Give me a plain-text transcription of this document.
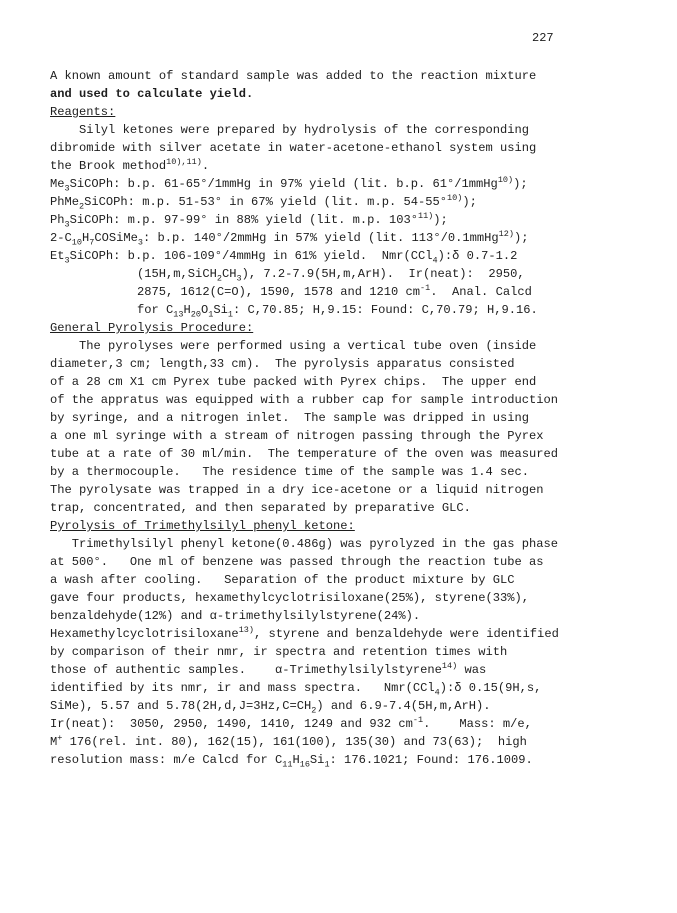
227
A known amount of standard sample was added to the reaction mixture
and used to calculate yield.
Reagents:
Silyl ketones were prepared by hydrolysis of the corresponding
dibromide with silver acetate in water-acetone-ethanol system using
the Brook method$^{10),11)}$.
$Me_3SiCOPh$: b.p. 61-65°/1mmHg in 97% yield (lit. b.p. 61°/1mmHg$^{10)}$);
PhMe$_2$SiCOPh: m.p. 51-53° in 67% yield (lit. m.p. 54-55°$^{10)}$);
$Ph_3SiCOPh$: m.p. 97-99° in 88% yield (lit. m.p. 103°$^{11)}$);
$2-C_{10}H_7COSiMe_3$: b.p. 140°/2mmHg in 57% yield (lit. 113°/0.1mmHg$^{12)}$);
$Et_3SiCOPh$: b.p. 106-109°/4mmHg in 61% yield.  Nmr(CCl$_4$):δ 0.7-1.2
$(15H,m,SiCH_2CH_3)$, 7.2-7.9(5H,m,ArH).  Ir(neat):  2950,
2875, 1612(C=O), 1590, 1578 and 1210 $cm^{-1}$.  Anal. Calcd
for $C_{13}H_{20}O_1Si_1$: C,70.85; H,9.15: Found: C,70.79; H,9.16.
General Pyrolysis Procedure:
The pyrolyses were performed using a vertical tube oven (inside
diameter,3 cm; length,33 cm).  The pyrolysis apparatus consisted
of a 28 cm X1 cm Pyrex tube packed with Pyrex chips.  The upper end
of the appratus was equipped with a rubber cap for sample introduction
by syringe, and a nitrogen inlet.  The sample was dripped in using
a one ml syringe with a stream of nitrogen passing through the Pyrex
tube at a rate of 30 ml/min.  The temperature of the oven was measured
by a thermocouple.   The residence time of the sample was 1.4 sec.
The pyrolysate was trapped in a dry ice-acetone or a liquid nitrogen
trap, concentrated, and then separated by preparative GLC.
Pyrolysis of Trimethylsilyl phenyl ketone:
Trimethylsilyl phenyl ketone(0.486g) was pyrolyzed in the gas phase
at 500°.   One ml of benzene was passed through the reaction tube as
a wash after cooling.   Separation of the product mixture by GLC
gave four products, hexamethylcyclotrisiloxane(25%), styrene(33%),
benzaldehyde(12%) and α-trimethylsilylstyrene(24%).
Hexamethylcyclotrisiloxane$^{13)}$, styrene and benzaldehyde were identified
by comparison of their nmr, ir spectra and retention times with
those of authentic samples.    α-Trimethylsilylstyrene$^{14)}$ was
identified by its nmr, ir and mass spectra.   Nmr(CCl$_4$):δ 0.15(9H,s,
SiMe), 5.57 and $5.78(2H,d,J=3Hz,C=CH_2)$ and 6.9-7.4(5H,m,ArH).
Ir(neat):  3050, 2950, 1490, 1410, 1249 and 932 $cm^{-1}$.    Mass: m/e,
M+ 176(rel. int. 80), 162(15), 161(100), 135(30) and 73(63);  high
resolution mass: m/e Calcd for $C_{11}H_{16}Si_1$: 176.1021; Found: 176.1009.
